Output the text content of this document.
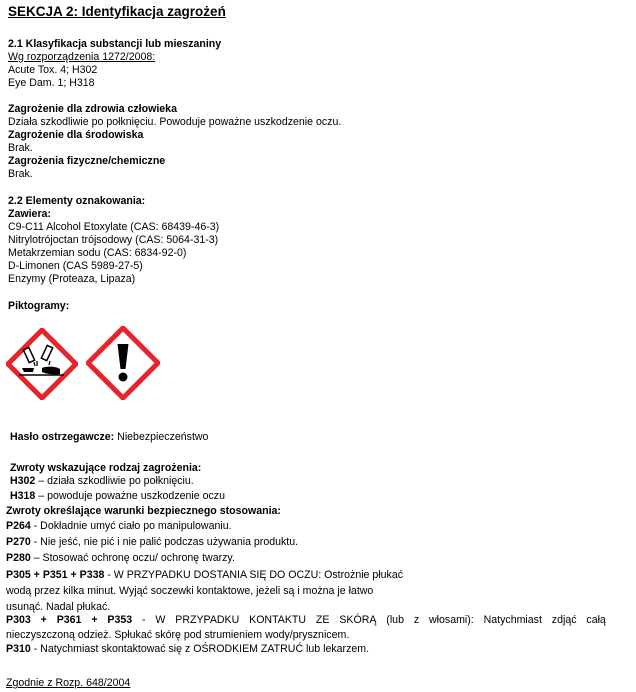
SEKCJA 2: Identyfikacja zagrożeń
2.1 Klasyfikacja substancji lub mieszaniny
Wg rozporządzenia 1272/2008:
Acute Tox. 4; H302
Eye Dam. 1; H318
Zagrożenie dla zdrowia człowieka
Działa szkodliwie po połknięciu. Powoduje poważne uszkodzenie oczu.
Zagrożenie dla środowiska
Brak.
Zagrożenia fizyczne/chemiczne
Brak.
2.2 Elementy oznakowania:
Zawiera:
C9-C11 Alcohol Etoxylate (CAS: 68439-46-3)
Nitrylotrójoctan trójsodowy (CAS: 5064-31-3)
Metakrzemian sodu (CAS: 6834-92-0)
D-Limonen (CAS 5989-27-5)
Enzymy (Proteaza, Lipaza)
Piktogramy:
Hasło ostrzegawcze: Niebezpieczeństwo
Zwroty wskazujące rodzaj zagrożenia:
H302 – działa szkodliwie po połknięciu.
H318 – powoduje poważne uszkodzenie oczu
Zwroty określające warunki bezpiecznego stosowania:
P264 - Dokładnie umyć ciało po manipulowaniu.
P270 - Nie jeść, nie pić i nie palić podczas używania produktu.
P280 – Stosować ochronę oczu/ ochronę twarzy.
P305 + P351 + P338 - W PRZYPADKU DOSTANIA SIĘ DO OCZU: Ostrożnie płukać
wodą przez kilka minut. Wyjąć soczewki kontaktowe, jeżeli są i można je łatwo
usunąć. Nadal płukać.
P303 + P361 + P353 - W PRZYPADKU KONTAKTU ZE SKÓRĄ (lub z włosami): Natychmiast zdjąć całą
nieczyszczoną odzież. Spłukać skórę pod strumieniem wody/prysznicem.
P310 - Natychmiast skontaktować się z OŚRODKIEM ZATRUĆ lub lekarzem.
Zgodnie z Rozp. 648/2004
